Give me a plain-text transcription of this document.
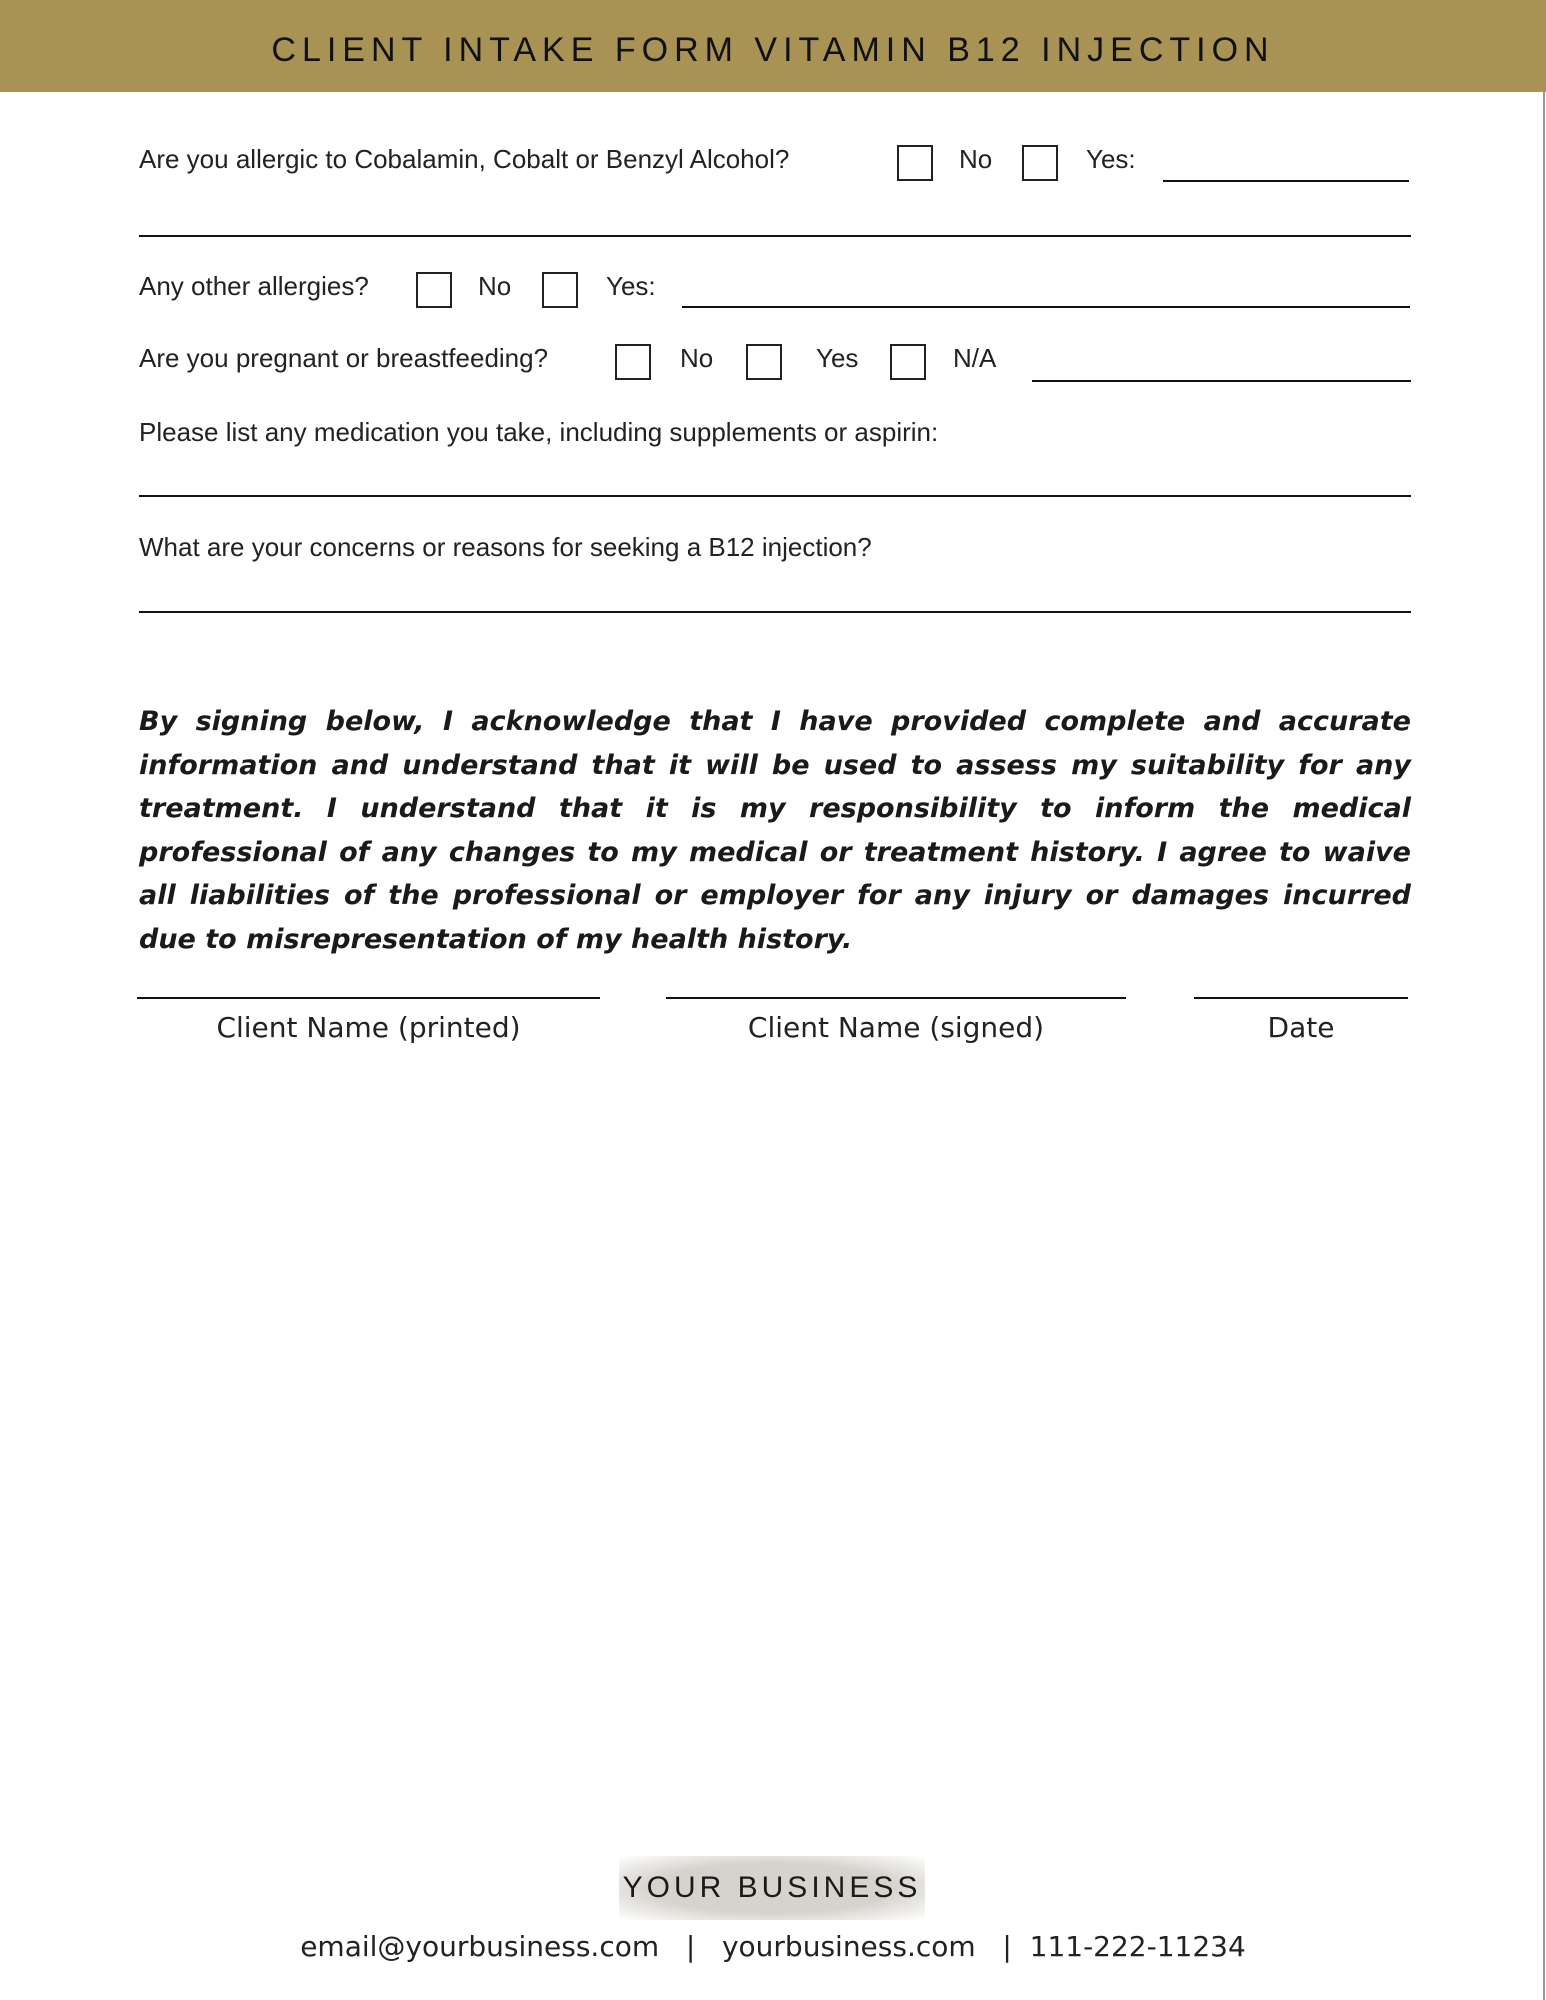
CLIENT INTAKE FORM VITAMIN B12 INJECTION
Are you allergic to Cobalamin, Cobalt or Benzyl Alcohol?	No	Yes:
Any other allergies?	No	Yes:
Are you pregnant or breastfeeding?	No	Yes	N/A
Please list any medication you take, including supplements or aspirin:
What are your concerns or reasons for seeking a B12 injection?
By signing below, I acknowledge that I have provided complete and accurate information and understand that it will be used to assess my suitability for any treatment. I understand that it is my responsibility to inform the medical professional of any changes to my medical or treatment history. I agree to waive all liabilities of the professional or employer for any injury or damages incurred due to misrepresentation of my health history.
Client Name (printed)	Client Name (signed)	Date
YOUR BUSINESS
email@yourbusiness.com | yourbusiness.com | 111-222-11234
